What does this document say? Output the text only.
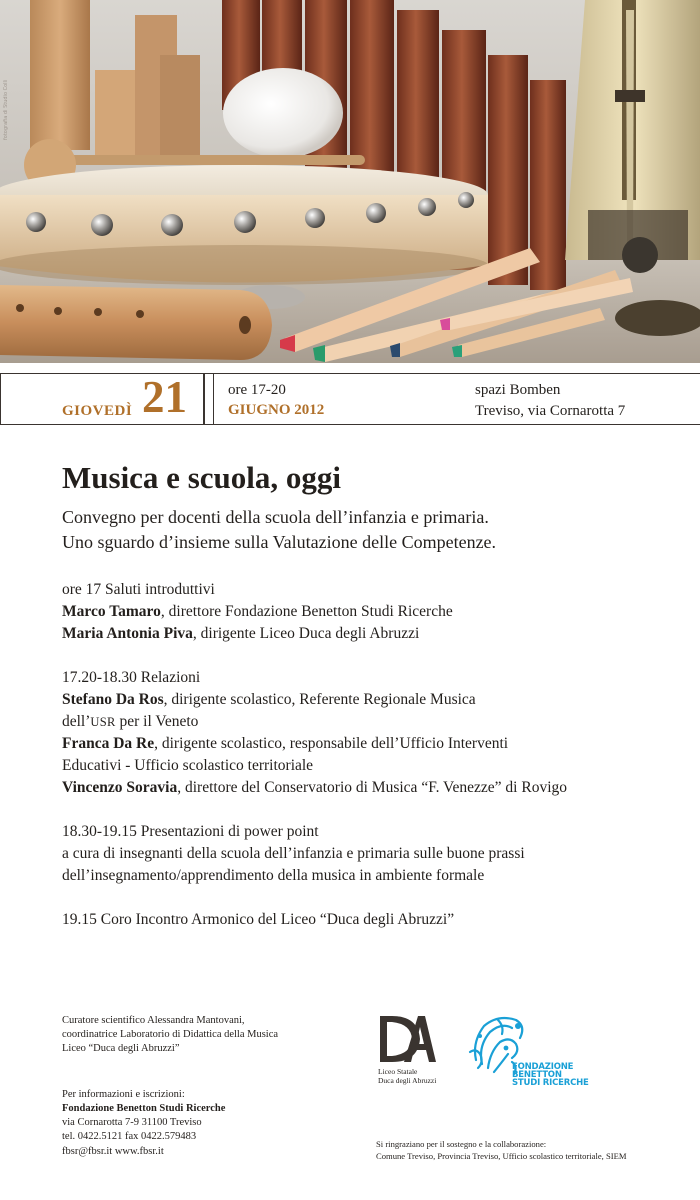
fotografia di Studio Colli
GIOVEDÌ 21	ore 17-20
GIUGNO 2012
spazi Bomben
Treviso, via Cornarotta 7
Musica e scuola, oggi
Convegno per docenti della scuola dell’infanzia e primaria.
Uno sguardo d’insieme sulla Valutazione delle Competenze.
ore 17 Saluti introduttivi
Marco Tamaro, direttore Fondazione Benetton Studi Ricerche
Maria Antonia Piva, dirigente Liceo Duca degli Abruzzi
17.20-18.30 Relazioni
Stefano Da Ros, dirigente scolastico, Referente Regionale Musica
dell’USR per il Veneto
Franca Da Re, dirigente scolastico, responsabile dell’Ufficio Interventi
Educativi - Ufficio scolastico territoriale
Vincenzo Soravia, direttore del Conservatorio di Musica “F. Venezze” di Rovigo
18.30-19.15 Presentazioni di power point
a cura di insegnanti della scuola dell’infanzia e primaria sulle buone prassi
dell’insegnamento/apprendimento della musica in ambiente formale
19.15 Coro Incontro Armonico del Liceo “Duca degli Abruzzi”
Curatore scientifico Alessandra Mantovani,
coordinatrice Laboratorio di Didattica della Musica
Liceo “Duca degli Abruzzi”
Per informazioni e iscrizioni:
Fondazione Benetton Studi Ricerche
via Cornarotta 7-9 31100 Treviso
tel. 0422.5121 fax 0422.579483
fbsr@fbsr.it www.fbsr.it
Liceo Statale
Duca degli Abruzzi
FONDAZIONE
BENETTON
STUDI RICERCHE
Si ringraziano per il sostegno e la collaborazione:
Comune Treviso, Provincia Treviso, Ufficio scolastico territoriale, SIEM
